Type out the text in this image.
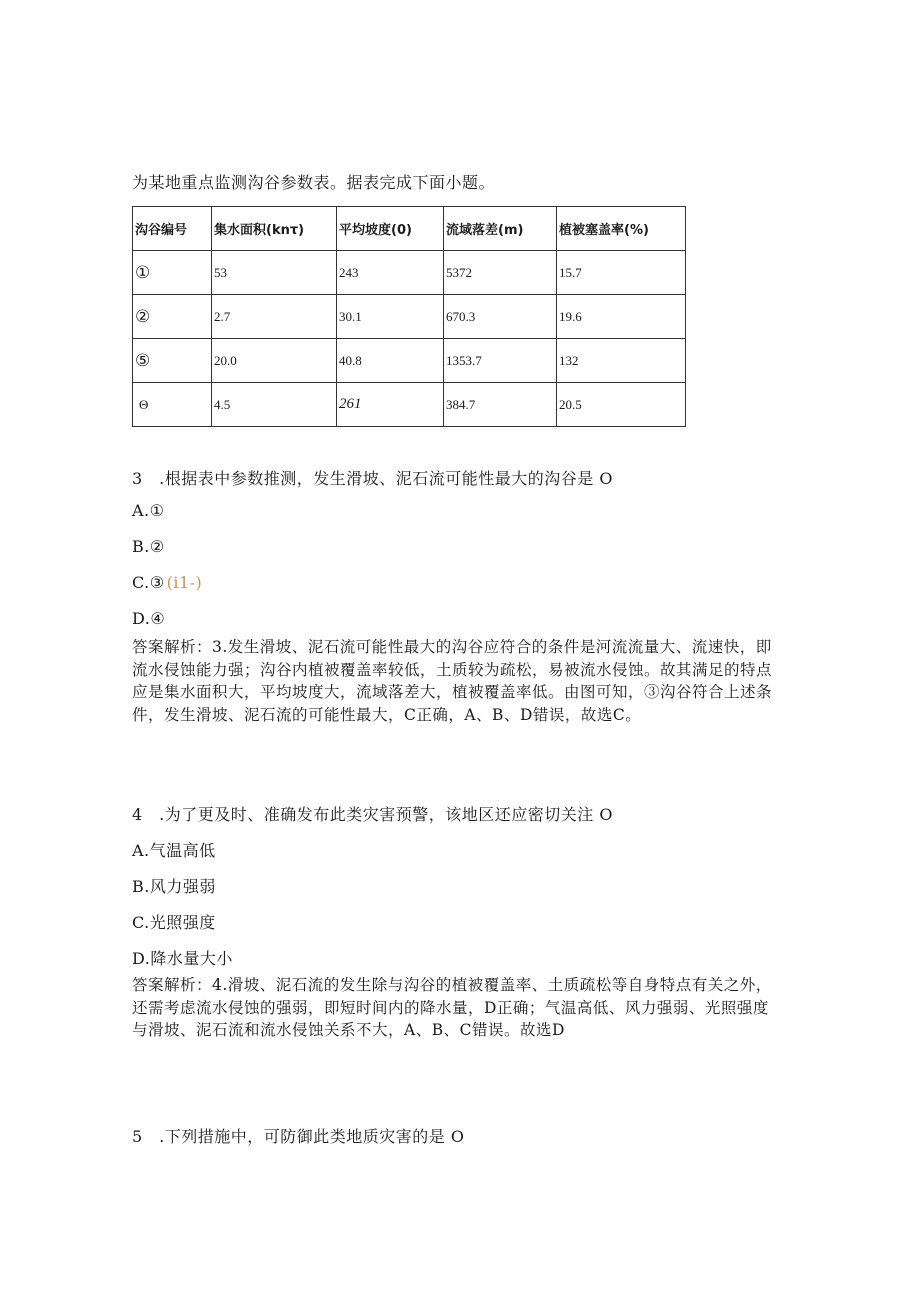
为某地重点监测沟谷参数表。据表完成下面小题。
沟谷编号	集水面积(knτ)	平均坡度(0)	流域落差(m)	植被塞盖率(%)
①	53	243	5372	15.7
②	2.7	30.1	670.3	19.6
⑤	20.0	40.8	1353.7	132
Θ	4.5	261	384.7	20.5
3　.根据表中参数推测，发生滑坡、泥石流可能性最大的沟谷是 O
A.①
B.②
C.③ (i1-)
D.④
答案解析：3.发生滑坡、泥石流可能性最大的沟谷应符合的条件是河流流量大、流速快，即流水侵蚀能力强；沟谷内植被覆盖率较低，土质较为疏松，易被流水侵蚀。故其满足的特点应是集水面积大，平均坡度大，流域落差大，植被覆盖率低。由图可知，③沟谷符合上述条件，发生滑坡、泥石流的可能性最大，C正确，A、B、D错误，故选C。
4　.为了更及时、准确发布此类灾害预警，该地区还应密切关注 O
A.气温高低
B.风力强弱
C.光照强度
D.降水量大小
答案解析：4.滑坡、泥石流的发生除与沟谷的植被覆盖率、土质疏松等自身特点有关之外，还需考虑流水侵蚀的强弱，即短时间内的降水量，D正确；气温高低、风力强弱、光照强度与滑坡、泥石流和流水侵蚀关系不大，A、B、C错误。故选D
5　.下列措施中，可防御此类地质灾害的是 O
